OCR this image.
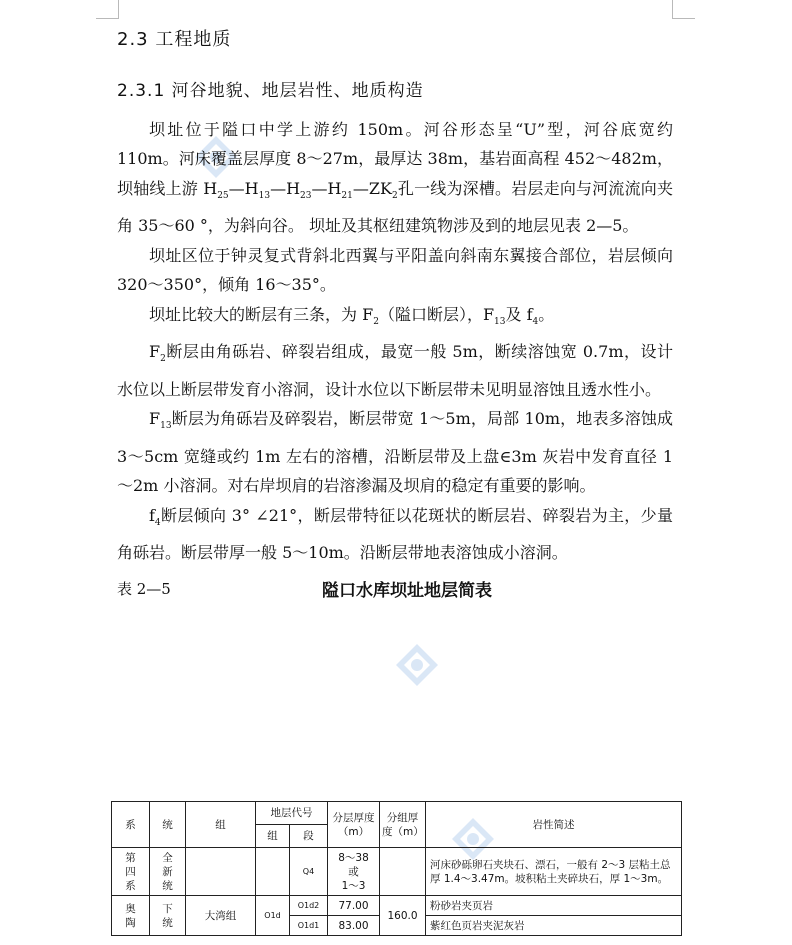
2.3 工程地质
2.3.1 河谷地貌、地层岩性、地质构造

坝址位于隘口中学上游约 150m。河谷形态呈“U”型，河谷底宽约 110m。河床覆盖层厚度 8～27m，最厚达 38m，基岩面高程 452～482m，坝轴线上游 $H_{25}—H_{13}—H_{23}—H_{21}—ZK_2$孔一线为深槽。岩层走向与河流流向夹角 35～60 °，为斜向谷。 坝址及其枢纽建筑物涉及到的地层见表 2—5。

坝址区位于钟灵复式背斜北西翼与平阳盖向斜南东翼接合部位，岩层倾向 320～350°，倾角 16～35°。

坝址比较大的断层有三条，为 $F_2$（隘口断层），$F_{13}$及 $f_4$。

$F_2$断层由角砾岩、碎裂岩组成，最宽一般 5m，断续溶蚀宽 0.7m，设计水位以上断层带发育小溶洞，设计水位以下断层带未见明显溶蚀且透水性小。

$F_{13}$断层为角砾岩及碎裂岩，断层带宽 1～5m，局部 10m，地表多溶蚀成 3～5cm 宽缝或约 1m 左右的溶槽，沿断层带及上盘∈3m 灰岩中发育直径 1～2m 小溶洞。对右岸坝肩的岩溶渗漏及坝肩的稳定有重要的影响。

$f_4$断层倾向 3° ∠21°，断层带特征以花斑状的断层岩、碎裂岩为主，少量角砾岩。断层带厚一般 5～10m。沿断层带地表溶蚀成小溶洞。

表 2—5	隘口水库坝址地层简表
系	统	组	地层代号		分层厚度（m）	分组厚度（m）	岩性简述
			组	段			
第四系	全新统			Q4	8～38
或
1～3		河床砂砾卵石夹块石、漂石，一般有 2～3 层粘土总厚 1.4～3.47m。坡积粘土夹碎块石，厚 1～3m。
奥陶	下统	大湾组	O1d	O1d2	77.00	160.0	粉砂岩夹页岩
				O1d1	83.00		紫红色页岩夹泥灰岩
